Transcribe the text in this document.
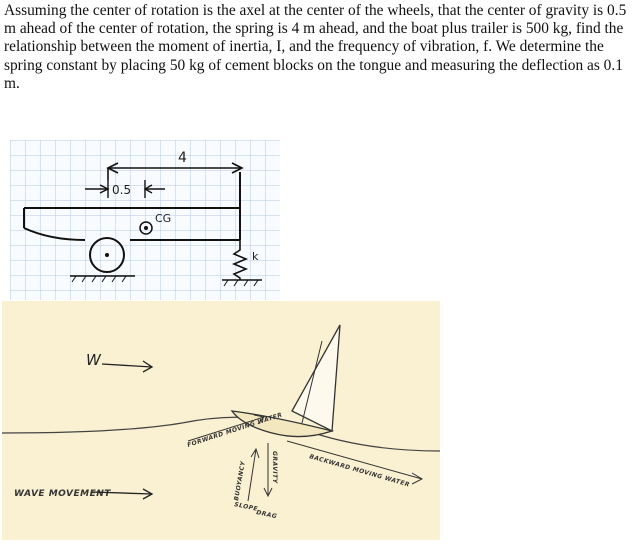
Assuming the center of rotation is the axel at the center of the wheels, that the center of gravity is 0.5 m ahead of the center of rotation, the spring is 4 m ahead, and the boat plus trailer is 500 kg, find the relationship between the moment of inertia, I, and the frequency of vibration, f. We determine the spring constant by placing 50 kg of cement blocks on the tongue and measuring the deflection as 0.1 m.
4
0.5
CG
k
W
WAVE MOVEMENT
FORWARD MOVING WATER
BACKWARD MOVING WATER
GRAVITY
BUOYANCY
SLOPE
DRAG
